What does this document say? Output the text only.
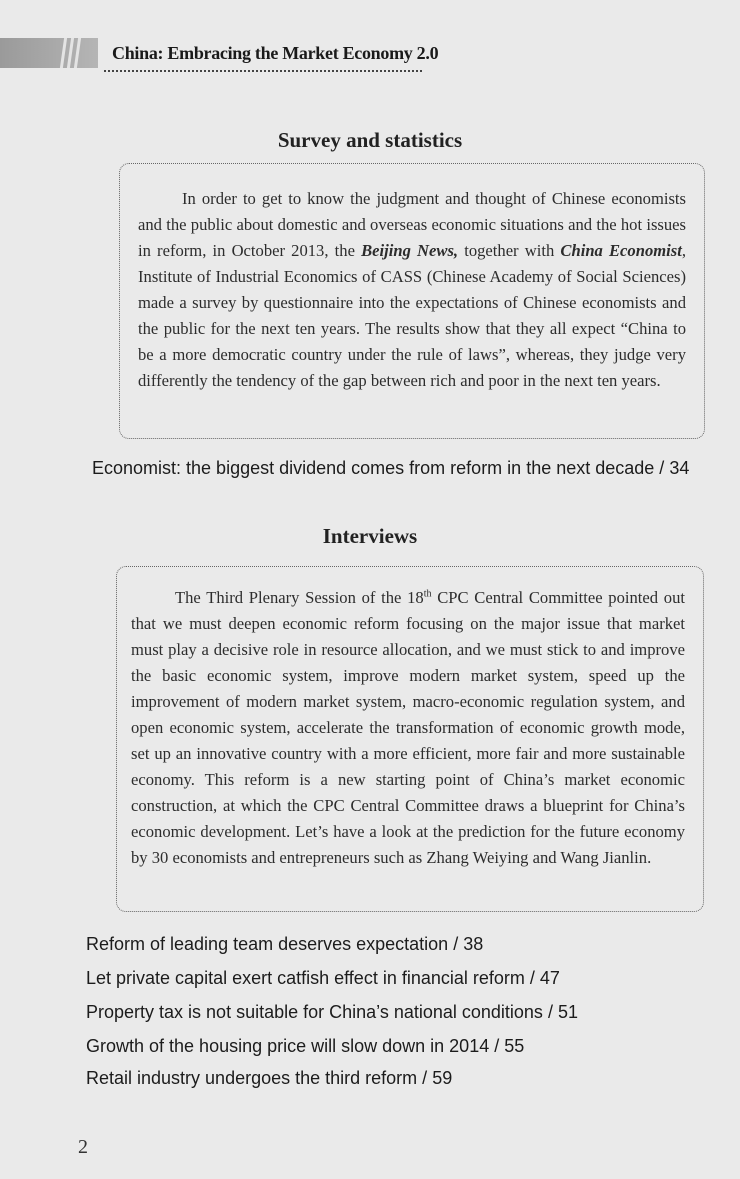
China: Embracing the Market Economy 2.0
Survey and statistics

In order to get to know the judgment and thought of Chinese economists and the public about domestic and overseas economic situations and the hot issues in reform, in October 2013, the Beijing News, together with China Economist, Institute of Industrial Economics of CASS (Chinese Academy of Social Sciences) made a survey by questionnaire into the expectations of Chinese economists and the public for the next ten years. The results show that they all expect “China to be a more democratic country under the rule of laws”, whereas, they judge very differently the tendency of the gap between rich and poor in the next ten years.

Economist: the biggest dividend comes from reform in the next decade / 34

Interviews

The Third Plenary Session of the 18th CPC Central Committee pointed out that we must deepen economic reform focusing on the major issue that market must play a decisive role in resource allocation, and we must stick to and improve the basic economic system, improve modern market system, speed up the improvement of modern market system, macro-economic regulation system, and open economic system, accelerate the transformation of economic growth mode, set up an innovative country with a more efficient, more fair and more sustainable economy. This reform is a new starting point of China’s market economic construction, at which the CPC Central Committee draws a blueprint for China’s economic development. Let’s have a look at the prediction for the future economy by 30 economists and entrepreneurs such as Zhang Weiying and Wang Jianlin.

Reform of leading team deserves expectation / 38

Let private capital exert catfish effect in financial reform / 47

Property tax is not suitable for China’s national conditions / 51

Growth of the housing price will slow down in 2014 / 55

Retail industry undergoes the third reform / 59

2
